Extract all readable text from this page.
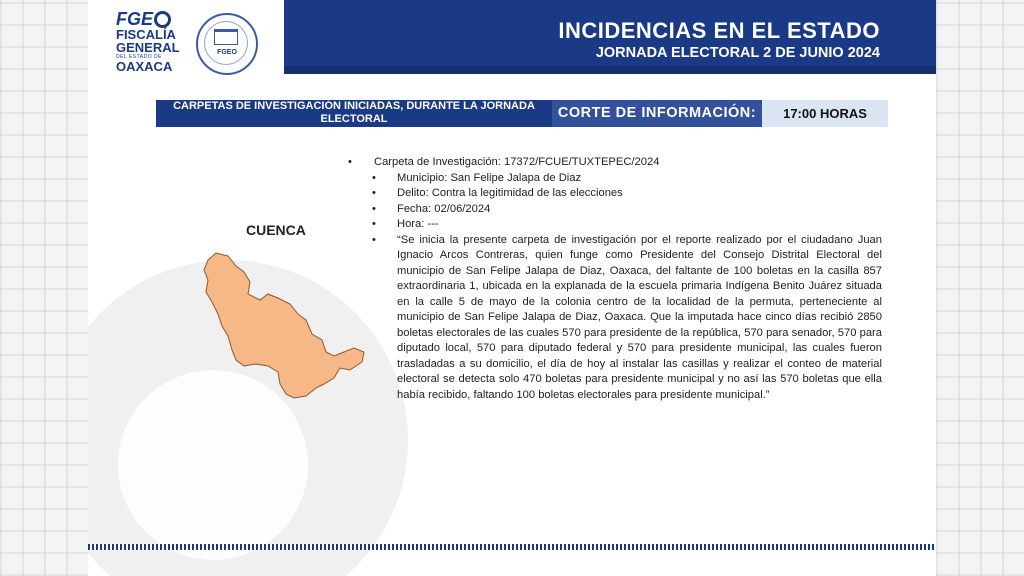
FGE
FISCALÍA
GENERAL
DEL ESTADO DE
OAXACA
FGEO
INCIDENCIAS EN EL ESTADO
JORNADA ELECTORAL 2 DE JUNIO 2024
CARPETAS DE INVESTIGACIÓN INICIADAS, DURANTE LA JORNADA ELECTORAL	CORTE DE INFORMACIÓN:	17:00 HORAS
CUENCA
•	Carpeta de Investigación: 17372/FCUE/TUXTEPEC/2024
•	Municipio: San Felipe Jalapa de Diaz
•	Delito: Contra la legitimidad de las elecciones
•	Fecha: 02/06/2024
•	Hora: ---
•	“Se inicia la presente carpeta de investigación por el reporte realizado por el ciudadano Juan Ignacio Arcos Contreras, quien funge como Presidente del Consejo Distrital Electoral del municipio de San Felipe Jalapa de Diaz, Oaxaca, del faltante de 100 boletas en la casilla 857 extraordinaria 1, ubicada en la explanada de la escuela primaria Indígena Benito Juárez situada en la calle 5 de mayo de la colonia centro de la localidad de la permuta, perteneciente al municipio de San Felipe Jalapa de Diaz, Oaxaca. Que la imputada hace cinco días recibió 2850 boletas electorales de las cuales 570 para presidente de la república, 570 para senador, 570 para diputado local, 570 para diputado federal y 570 para presidente municipal, las cuales fueron trasladadas a su domicilio, el día de hoy al instalar las casillas y realizar el conteo de material electoral se detecta solo 470 boletas para presidente municipal y no así las 570 boletas que ella había recibido, faltando 100 boletas electorales para presidente municipal.”
